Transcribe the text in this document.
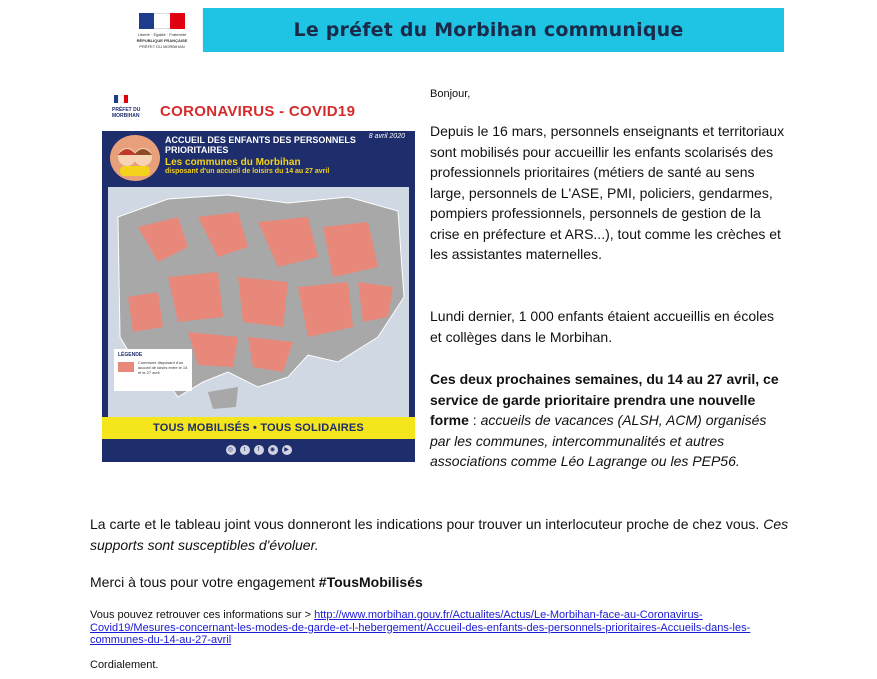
Liberté · Égalité · Fraternité
RÉPUBLIQUE FRANÇAISE
PRÉFET DU MORBIHAN
Le préfet du Morbihan communique
PRÉFET DU MORBIHAN	CORONAVIRUS - COVID19
8 avril 2020
ACCUEIL DES ENFANTS DES PERSONNELS PRIORITAIRES
Les communes du Morbihan
disposant d'un accueil de loisirs du 14 au 27 avril
LÉGENDE
Commune disposant d'un accueil de loisirs entre le 14 et le 27 avril
TOUS MOBILISÉS • TOUS SOLIDAIRES
◎	t	f	◉	▶
Bonjour,
Depuis le 16 mars, personnels enseignants et territoriaux sont mobilisés pour accueillir les enfants scolarisés des professionnels prioritaires (métiers de santé au sens large, personnels de L'ASE, PMI, policiers, gendarmes, pompiers professionnels, personnels de gestion de la crise en préfecture et ARS...), tout comme les crèches et les assistantes maternelles.
Lundi dernier, 1 000 enfants étaient accueillis en écoles et collèges dans le Morbihan.
Ces deux prochaines semaines, du 14 au 27 avril, ce service de garde prioritaire prendra une nouvelle forme : accueils de vacances (ALSH, ACM) organisés par les communes, intercommunalités et autres associations comme Léo Lagrange ou les PEP56.
La carte et le tableau joint vous donneront les indications pour trouver un interlocuteur proche de chez vous. Ces supports sont susceptibles d'évoluer.
Merci à tous pour votre engagement #TousMobilisés
Vous pouvez retrouver ces informations sur > http://www.morbihan.gouv.fr/Actualites/Actus/Le-Morbihan-face-au-Coronavirus-Covid19/Mesures-concernant-les-modes-de-garde-et-l-hebergement/Accueil-des-enfants-des-personnels-prioritaires-Accueils-dans-les-communes-du-14-au-27-avril
Cordialement.
